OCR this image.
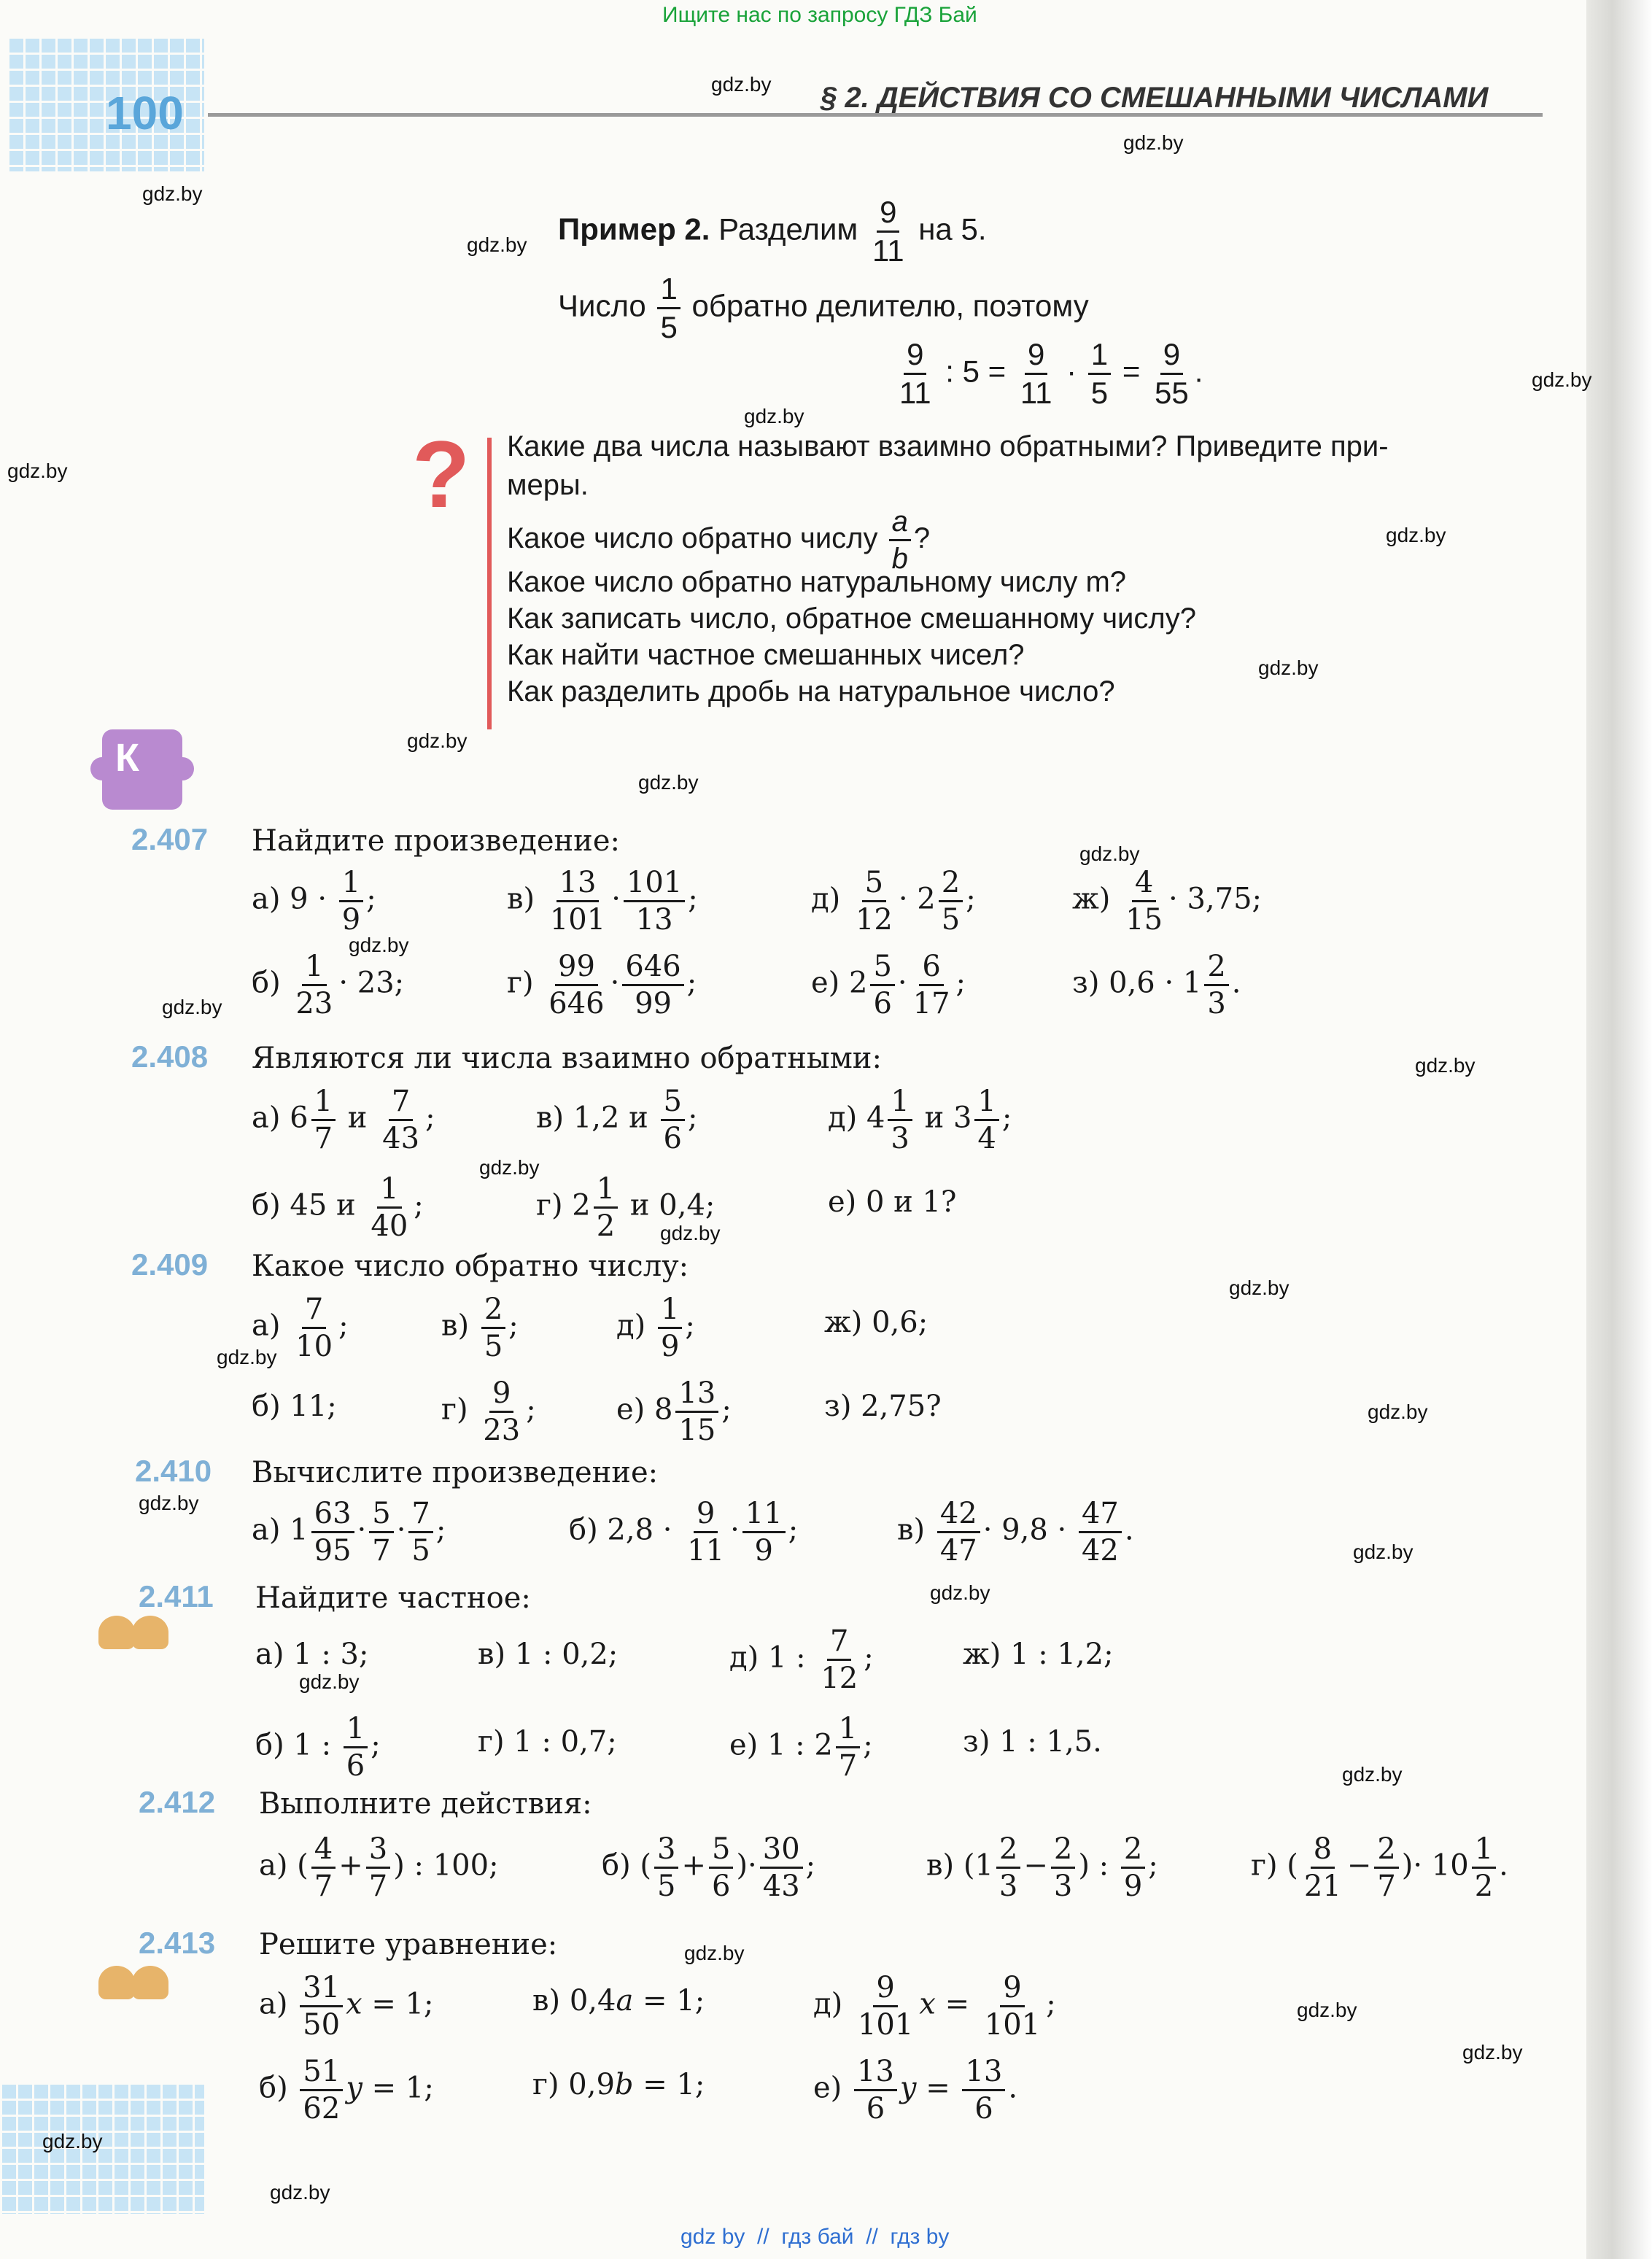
Ищите нас по запросу ГДЗ Бай
100	§ 2. ДЕЙСТВИЯ СО СМЕШАННЫМИ ЧИСЛАМИ
Пример 2. Разделим $\frac{9}{11}$ на 5.
Число $\frac{1}{5}$ обратно делителю, поэтому
$\frac{9}{11}$ : $5 = \frac{9}{11} \cdot \frac{1}{5} = \frac{9}{55}$ .
? Какие два числа называют взаимно обратными? Приведите при-
меры.
Какое число обратно числу $\frac{a}{b}$ ?
Какое число обратно натуральному числу m?
Как записать число, обратное смешанному числу?
Как найти частное смешанных чисел?
Как разделить дробь на натуральное число?
К
2.407 Найдите произведение:
а) $9 \cdot \frac{1}{9}$ ;	$в) \frac{13}{101} \cdot \frac{101}{13}$ ;	$д) \frac{5}{12} \cdot 2 \frac{2}{5}$ ;	$ж) \frac{4}{15} \cdot 3,75$;
$б) \frac{1}{23} \cdot 23$;	$г) \frac{99}{646} \cdot \frac{646}{99}$ ;	е) $2 \frac{5}{6} \cdot \frac{6}{17}$ ;	з) $0,6 \cdot 1 \frac{2}{3}$ .
2.408 Являются ли числа взаимно обратными:
а) $6 \frac{1}{7}$ и $\frac{7}{43}$ ;	в) 1,2 и $\frac{5}{6}$ ;	д) $4 \frac{1}{3}$ и $3 \frac{1}{4}$ ;
б) 45 и $\frac{1}{40}$ ;	г) $2 \frac{1}{2}$ и 0,4;	е) 0 и 1?
2.409 Какое число обратно числу:
$а) \frac{7}{10}$ ;	$в) \frac{2}{5}$ ;	$д) \frac{1}{9}$ ;	ж) 0,6;
б) 11;	$г) \frac{9}{23}$ ;	е) $8 \frac{13}{15}$ ;	з) 2,75?
2.410 Вычислите произведение:
а) $1 \frac{63}{95} \cdot \frac{5}{7} \cdot \frac{7}{5}$ ;	б) $2,8 \cdot \frac{9}{11} \cdot \frac{11}{9}$ ;	$в) \frac{42}{47} \cdot 9,8 \cdot \frac{47}{42}$ .
2.411 Найдите частное:
а) 1 : 3;	в) 1 : 0,2;	д) 1 : $\frac{7}{12}$ ;	ж) 1 : 1,2;
б) 1 : $\frac{1}{6}$ ;	г) 1 : 0,7;	е) 1 : $2 \frac{1}{7}$ ;	з) 1 : 1,5.
2.412 Выполните действия:
а) ( $\frac{4}{7} + \frac{3}{7}$ ) : 100;	б) ( $\frac{3}{5} + \frac{5}{6}$ )· $\frac{30}{43}$ ;	в) ($1 \frac{2}{3} - \frac{2}{3}$ ) : $\frac{2}{9}$ ;	г) ( $\frac{8}{21} - \frac{2}{7}$ )· $10 \frac{1}{2}$ .
2.413 Решите уравнение:
$а) \frac{31}{50}$ x = 1;	в) 0,4a = 1;	$д) \frac{9}{101}$ $x = \frac{9}{101}$ ;
$б) \frac{51}{62}$ y = 1;	г) 0,9b = 1;	$е) \frac{13}{6}$ $y = \frac{13}{6}$ .
gdz.by
gdz.by
gdz.by
gdz.by
gdz.by
gdz.by
gdz.by
gdz.by
gdz.by
gdz.by
gdz.by
gdz.by
gdz.by
gdz.by
gdz.by
gdz.by
gdz.by
gdz.by
gdz.by
gdz.by
gdz.by
gdz.by
gdz.by
gdz.by
gdz.by
gdz.by
gdz.by
gdz.by
gdz.by
gdz.by
gdz by  //  гдз бай  //  гдз by
